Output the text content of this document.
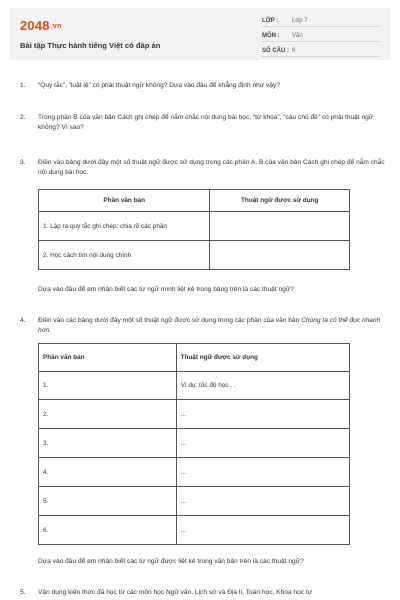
2048.vn
Bài tập Thực hành tiếng Việt có đáp án
LỚP : Lớp 7
MÔN : Văn
SỐ CÂU : 6
1. “Quy tắc”, “luật lệ” có phải thuật ngữ không? Dựa vào đâu để khẳng định như vậy?
2. Trong phần B của văn bản Cách ghi chép để nắm chắc nội dung bài học, “từ khóa”, “câu chủ đề” có phải thuật ngữ không? Vì sao?
3. Điền vào bảng dưới đây một số thuật ngữ được sử dụng trong các phần A, B của văn bản Cách ghi chép để nắm chắc nội dung bài học.
Phần văn bản	Thuật ngữ được sử dụng
1. Lập ra quy tắc ghi chép: chia rõ các phần	
2. Học cách tìm nội dung chính	
Dựa vào đâu để em nhận biết các từ ngữ mình liệt kê trong bảng trên là các thuật ngữ?
4. Điền vào các bảng dưới đây một số thuật ngữ được sử dụng trong các phần của văn bản Chúng ta có thể đọc nhanh hơn.
Phần văn bản	Thuật ngữ được sử dụng
1.	Ví dụ: tốc độ học . .
2.	...
3.	...
4.	...
5.	...
6.	...
Dựa vào đâu để em nhận biết các từ ngữ được liệt kê trong văn bản trên là các thuật ngữ?
5. Vận dụng kiến thức đã học từ các môn học Ngữ văn, Lịch sử và Địa lí, Toán học, Khoa học tự
